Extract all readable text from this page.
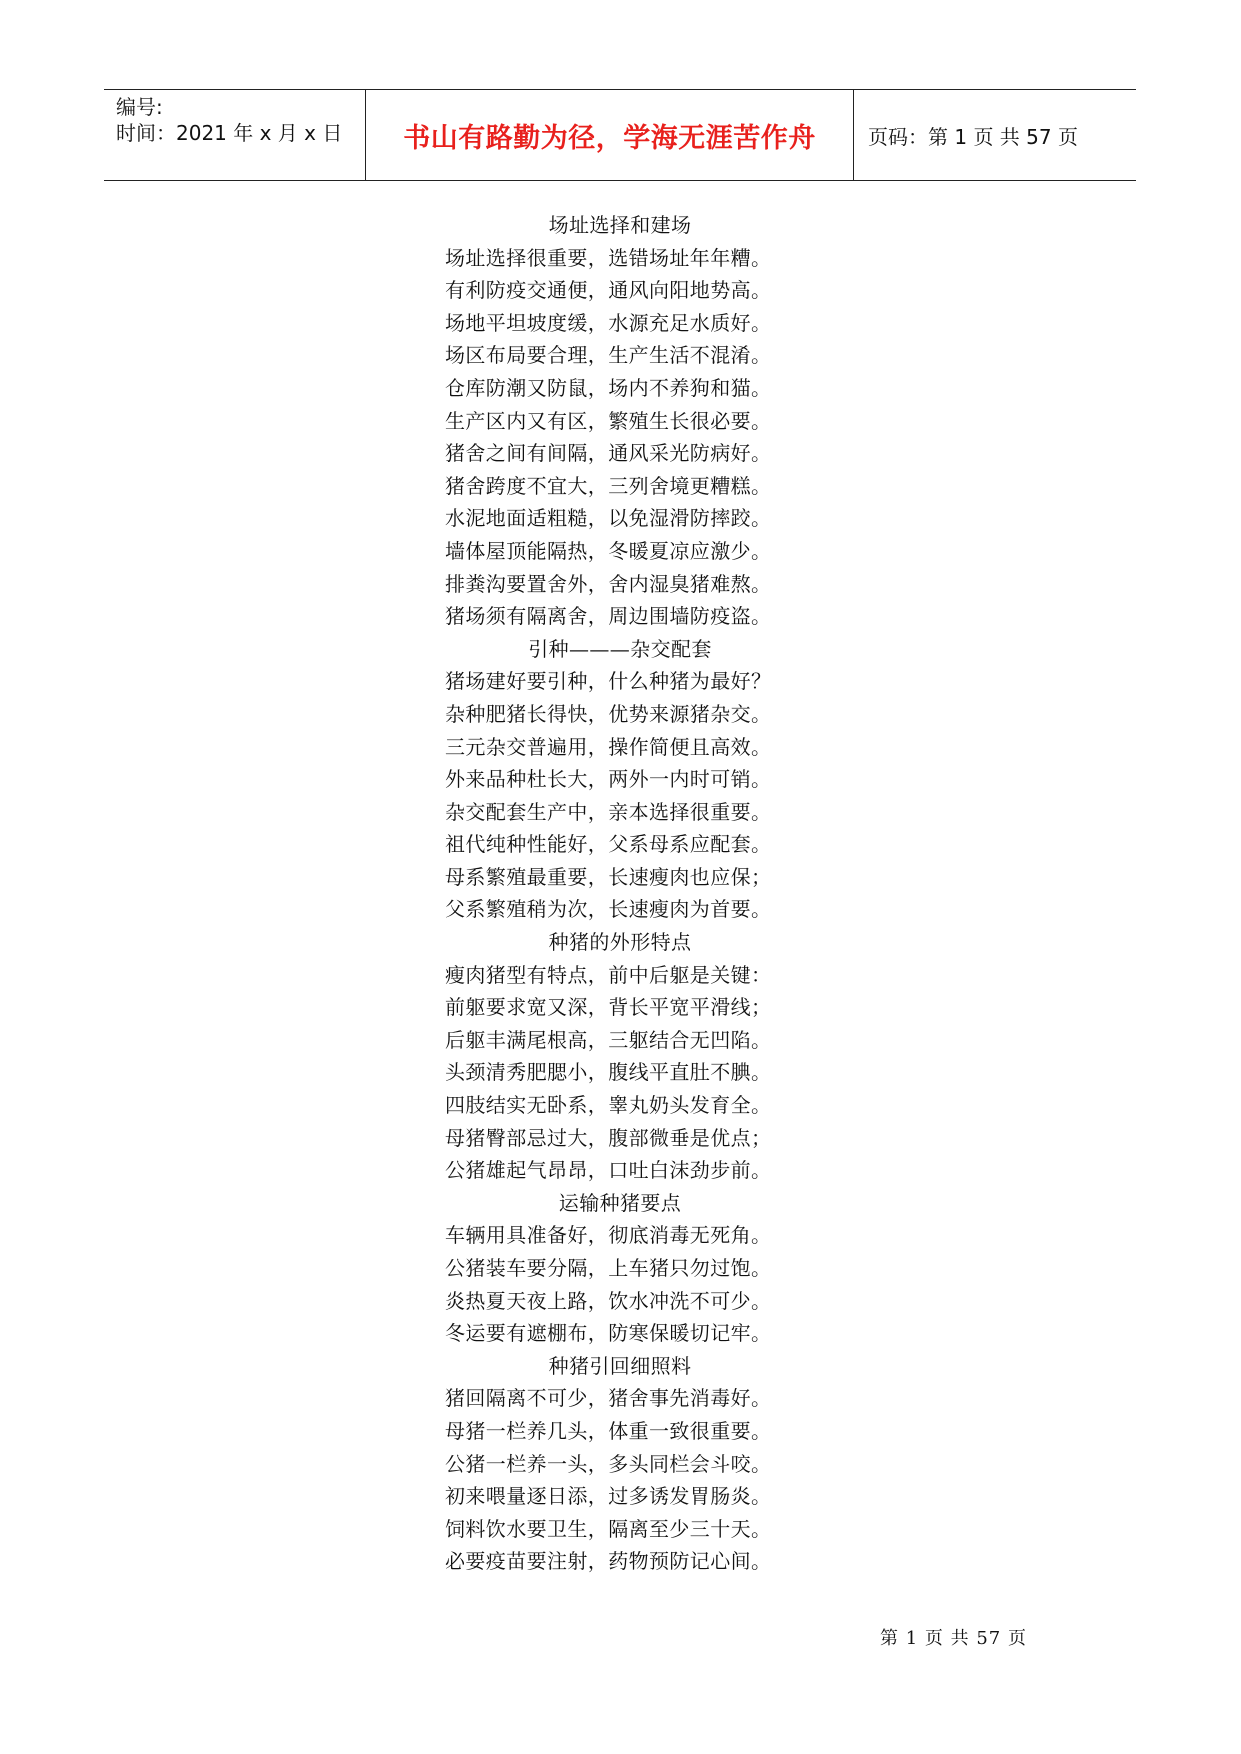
编号:
时间：2021 年 x 月 x 日	书山有路勤为径，学海无涯苦作舟	页码：第 1 页 共 57 页
场址选择和建场
场址选择很重要，选错场址年年糟。
有利防疫交通便，通风向阳地势高。
场地平坦坡度缓，水源充足水质好。
场区布局要合理，生产生活不混淆。
仓库防潮又防鼠，场内不养狗和猫。
生产区内又有区，繁殖生长很必要。
猪舍之间有间隔，通风采光防病好。
猪舍跨度不宜大，三列舍境更糟糕。
水泥地面适粗糙，以免湿滑防摔跤。
墙体屋顶能隔热，冬暖夏凉应激少。
排粪沟要置舍外，舍内湿臭猪难熬。
猪场须有隔离舍，周边围墙防疫盗。
引种———杂交配套
猪场建好要引种，什么种猪为最好？
杂种肥猪长得快，优势来源猪杂交。
三元杂交普遍用，操作简便且高效。
外来品种杜长大，两外一内时可销。
杂交配套生产中，亲本选择很重要。
祖代纯种性能好，父系母系应配套。
母系繁殖最重要，长速瘦肉也应保；
父系繁殖稍为次，长速瘦肉为首要。
种猪的外形特点
瘦肉猪型有特点，前中后躯是关键：
前躯要求宽又深，背长平宽平滑线；
后躯丰满尾根高，三躯结合无凹陷。
头颈清秀肥腮小，腹线平直肚不腆。
四肢结实无卧系，睾丸奶头发育全。
母猪臀部忌过大，腹部微垂是优点；
公猪雄起气昂昂，口吐白沫劲步前。
运输种猪要点
车辆用具准备好，彻底消毒无死角。
公猪装车要分隔，上车猪只勿过饱。
炎热夏天夜上路，饮水冲洗不可少。
冬运要有遮棚布，防寒保暖切记牢。
种猪引回细照料
猪回隔离不可少，猪舍事先消毒好。
母猪一栏养几头，体重一致很重要。
公猪一栏养一头，多头同栏会斗咬。
初来喂量逐日添，过多诱发胃肠炎。
饲料饮水要卫生，隔离至少三十天。
必要疫苗要注射，药物预防记心间。
第 1 页 共 57 页
